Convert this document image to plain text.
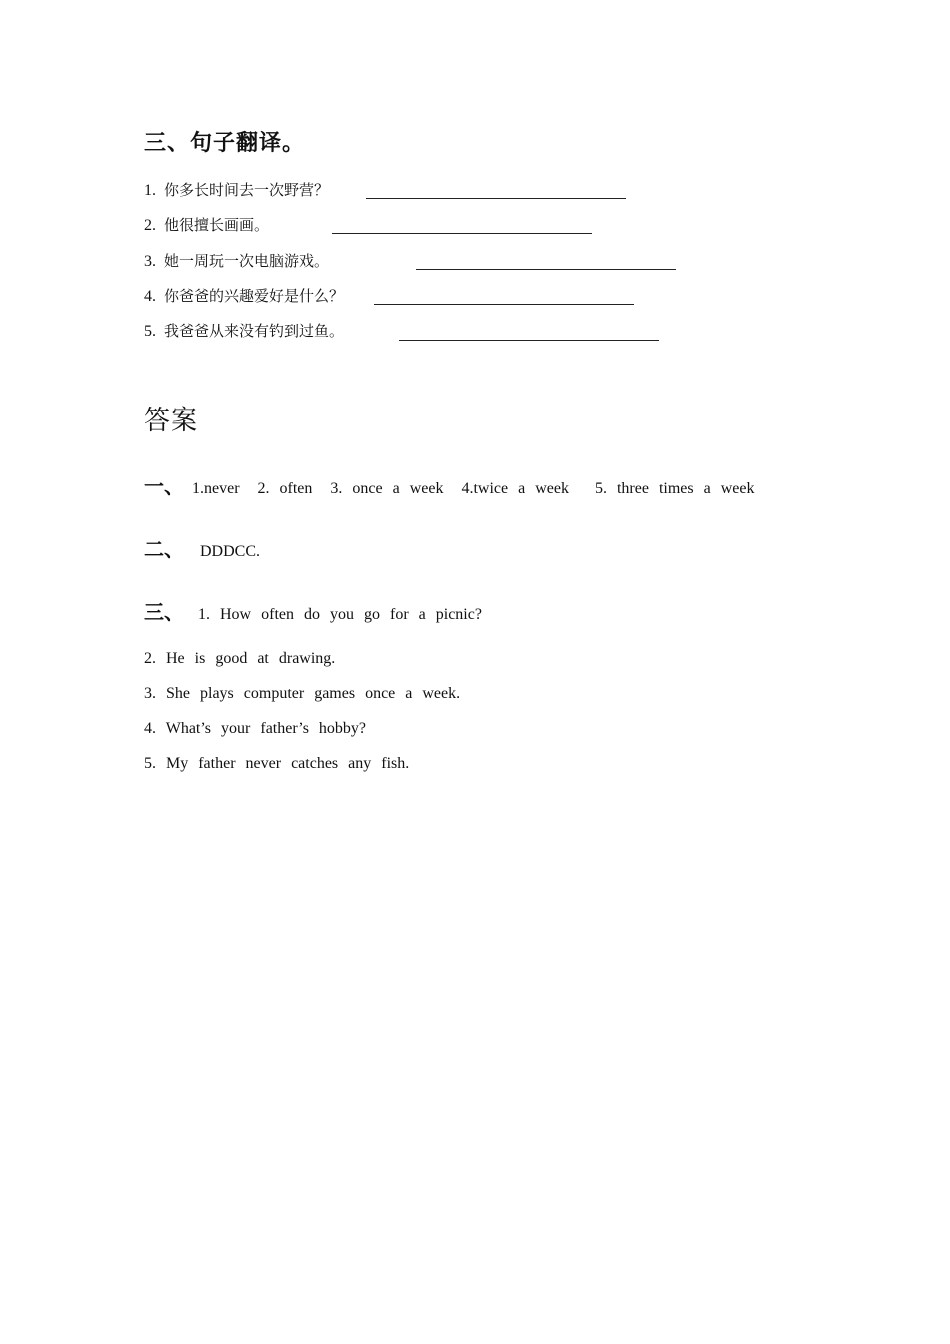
三、句子翻译。
1. 你多长时间去一次野营？
2. 他很擅长画画。
3. 她一周玩一次电脑游戏。
4. 你爸爸的兴趣爱好是什么？
5. 我爸爸从来没有钓到过鱼。
答案
一、 1.never 2. often 3. once a week 4.twice a week 5. three times a week
二、 DDDCC.
三、 1. How often do you go for a picnic?
2. He is good at drawing.
3. She plays computer games once a week.
4. What’s your father’s hobby?
5. My father never catches any fish.
